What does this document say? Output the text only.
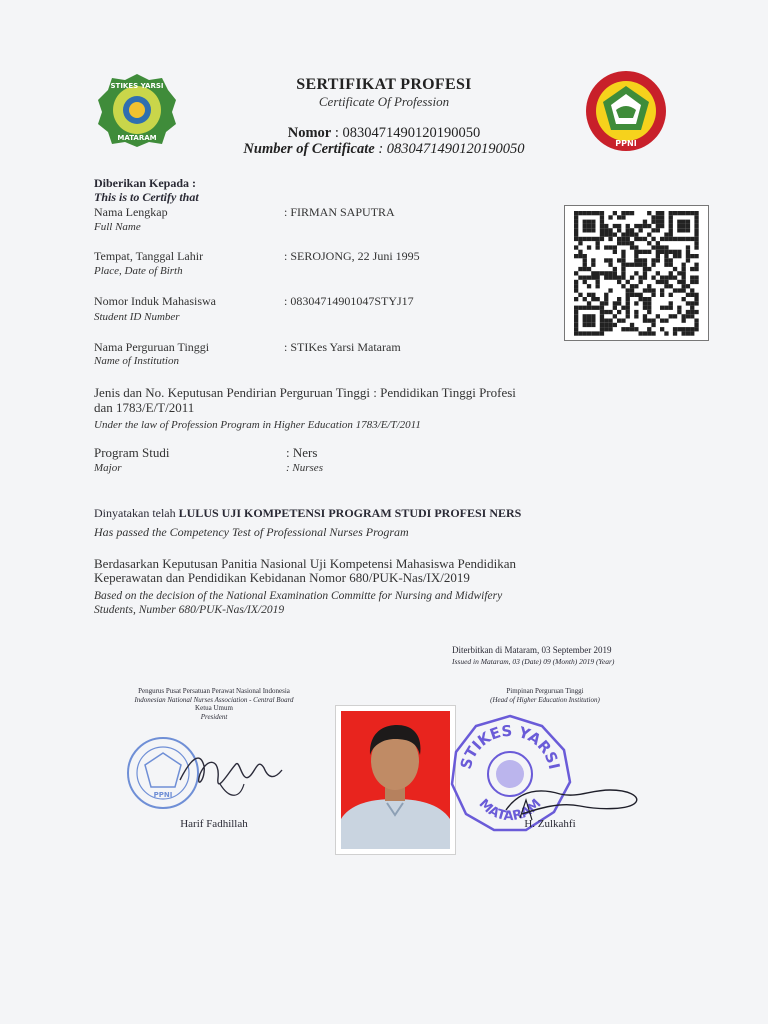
STIKES YARSI
MATARAM
PPNI
SERTIFIKAT PROFESI
Certificate Of Profession
Nomor : 0830471490120190050
Number of Certificate : 0830471490120190050
Diberikan Kepada :
This is to Certify that
Nama Lengkap
Full Name
: FIRMAN SAPUTRA
Tempat, Tanggal Lahir
Place, Date of Birth
: SEROJONG, 22 Juni 1995
Nomor Induk Mahasiswa
Student ID Number
: 08304714901047STYJ17
Nama Perguruan Tinggi
Name of Institution
: STIKes Yarsi Mataram
Jenis dan No. Keputusan Pendirian Perguruan Tinggi : Pendidikan Tinggi Profesi
dan 1783/E/T/2011
Under the law of Profession Program in Higher Education 1783/E/T/2011
Program Studi
Major
: Ners
: Nurses
Dinyatakan telah LULUS UJI KOMPETENSI PROGRAM STUDI PROFESI NERS
Has passed the Competency Test of Professional Nurses Program
Berdasarkan Keputusan Panitia Nasional Uji Kompetensi Mahasiswa Pendidikan
Keperawatan dan Pendidikan Kebidanan Nomor 680/PUK-Nas/IX/2019
Based on the decision of the National Examination Committe for Nursing and Midwifery
Students, Number 680/PUK-Nas/IX/2019
Diterbitkan di Mataram, 03 September 2019
Issued in Mataram, 03 (Date) 09 (Month) 2019 (Year)
Pengurus Pusat Persatuan Perawat Nasional Indonesia
Indonesian National Nurses Association - Central Board
Ketua Umum
President
PPNI
Harif Fadhillah
Pimpinan Perguruan Tinggi
(Head of Higher Education Institution)
STIKES YARSI
MATARAM
H. Zulkahfi
